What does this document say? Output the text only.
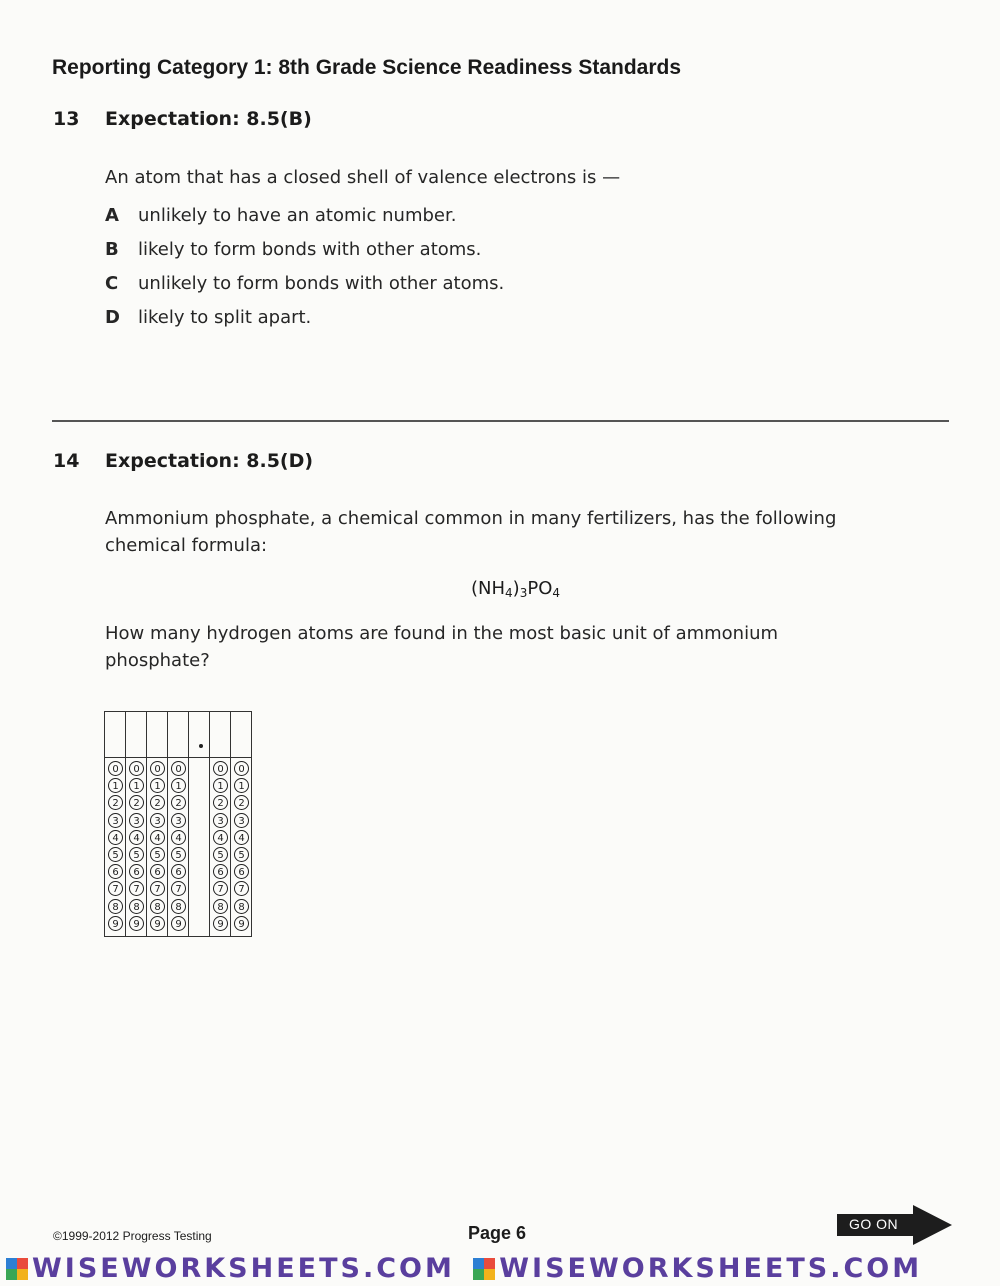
Reporting Category 1: 8th Grade Science Readiness Standards
13 Expectation: 8.5(B)
An atom that has a closed shell of valence electrons is —
A unlikely to have an atomic number.
B likely to form bonds with other atoms.
C unlikely to form bonds with other atoms.
D likely to split apart.
14 Expectation: 8.5(D)
Ammonium phosphate, a chemical common in many fertilizers, has the following chemical formula:
$(NH_4)_3PO_4$
How many hydrogen atoms are found in the most basic unit of ammonium phosphate?
0
1
2
3
4
5
6
7
8
9
0
1
2
3
4
5
6
7
8
9
0
1
2
3
4
5
6
7
8
9
0
1
2
3
4
5
6
7
8
9
0
1
2
3
4
5
6
7
8
9
0
1
2
3
4
5
6
7
8
9
©1999-2012 Progress Testing	Page 6	GO ON
WISEWORKSHEETS.COM WISEWORKSHEETS.COM
